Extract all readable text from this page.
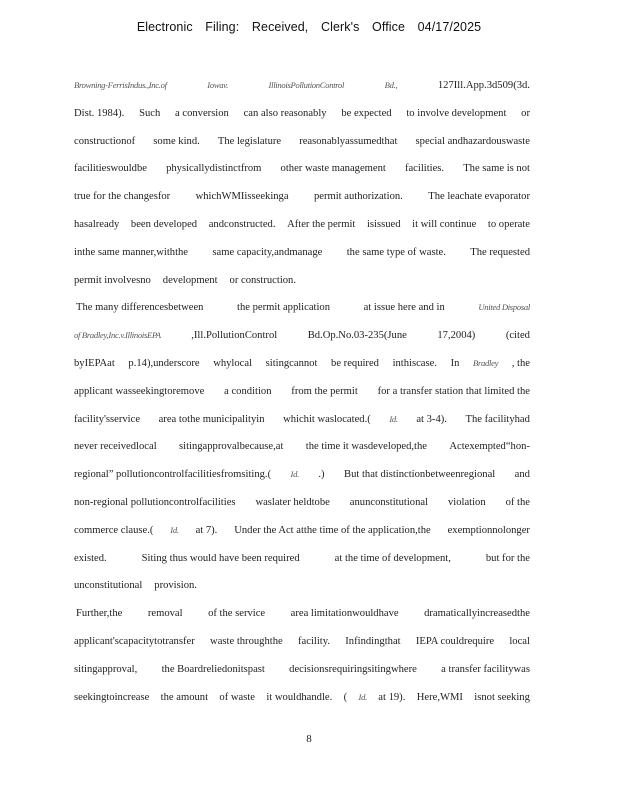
Electronic Filing: Received, Clerk's Office 04/17/2025
Browning-FerrisIndus.,Inc.of	Iowav.	IllinoisPollutionControl	Bd.,	127Ill.App.3d509(3d.
Dist. 1984). Such a conversion can also reasonably be expected to involve development or
constructionof some kind. The legislature reasonablyassumedthat special andhazardouswaste
facilitieswouldbe physicallydistinctfrom other waste management facilities. The same is not
true for the changesfor whichWMIisseekinga permit authorization. The leachate evaporator
hasalready been developed andconstructed. After the permit isissued it will continue to operate
inthe same manner,withthe same capacity,andmanage the same type of waste. The requested
permit involvesno development or construction.
The many differencesbetween	the permit application	at issue here and in	United Disposal
of Bradley,Inc.v.IllinoisEPA	,Ill.PollutionControl	Bd.Op.No.03-235(June	17,2004)	(cited
byIEPAat p.14),underscore whylocal sitingcannot be required inthiscase. In Bradley , the
applicant wasseekingtoremove a condition from the permit for a transfer station that limited the
facility'sservice area tothe municipalityin whichit waslocated.( Id. at 3-4). The facilityhad
never receivedlocal sitingapprovalbecause,at the time it wasdeveloped,the Actexempted“hon-
regional” pollutioncontrolfacilitiesfromsiting.( Id. .) But that distinctionbetweenregional and
non-regional pollutioncontrolfacilities waslater heldtobe anunconstitutional violation of the
commerce clause.( Id. at 7). Under the Act atthe time of the application,the exemptionnolonger
existed.	Siting thus would have been required	at the time of development,	but for the
unconstitutional provision.
Further,the removal of the service area limitationwouldhave dramaticallyincreasedthe
applicant'scapacitytotransfer waste throughthe facility. Infindingthat IEPA couldrequire local
sitingapproval, the Boardreliedonitspast decisionsrequiringsitingwhere a transfer facilitywas
seekingtoincrease the amount of waste it wouldhandle. ( Id. at 19). Here,WMI isnot seeking
8
